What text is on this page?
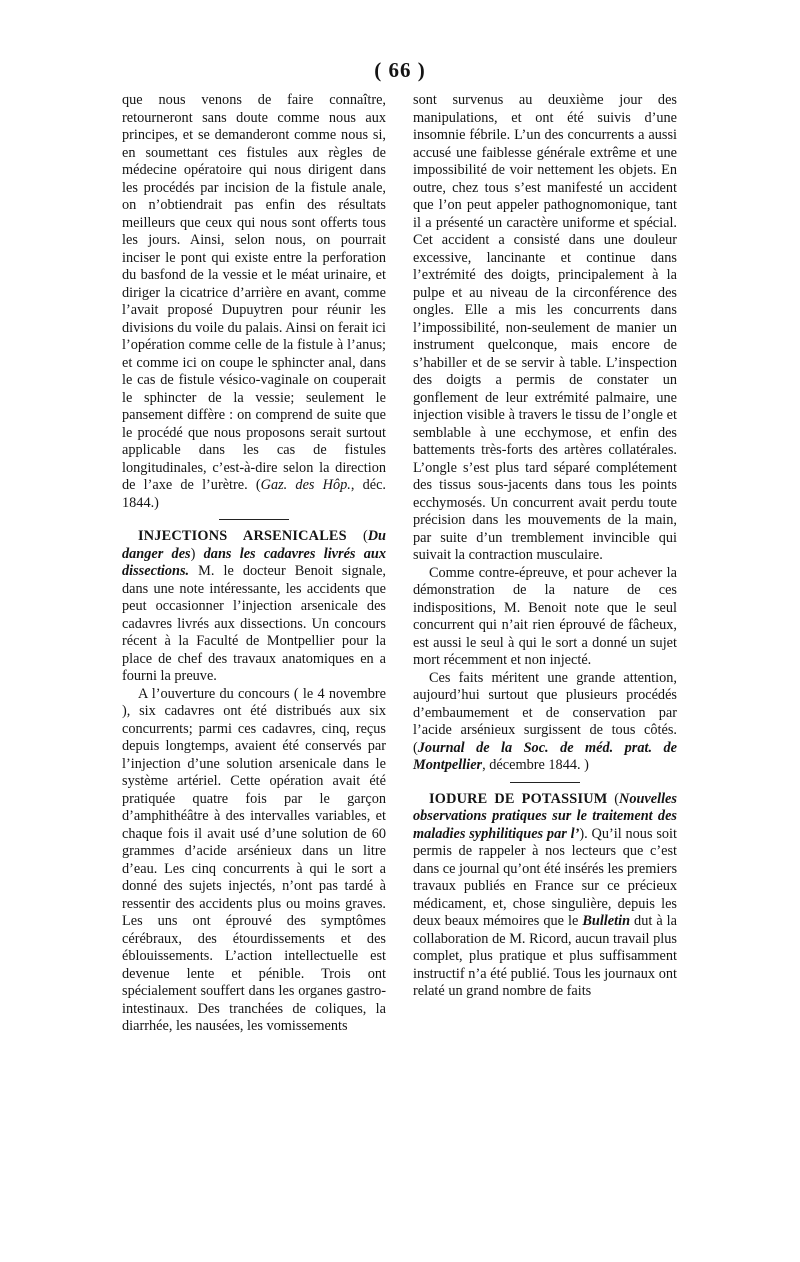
( 66 )

que nous venons de faire connaître, retourneront sans doute comme nous aux principes, et se demanderont comme nous si, en soumettant ces fistules aux règles de médecine opératoire qui nous dirigent dans les procédés par incision de la fistule anale, on n’obtiendrait pas enfin des résultats meilleurs que ceux qui nous sont offerts tous les jours. Ainsi, selon nous, on pourrait inciser le pont qui existe entre la perforation du basfond de la vessie et le méat urinaire, et diriger la cicatrice d’arrière en avant, comme l’avait proposé Dupuytren pour réunir les divisions du voile du palais. Ainsi on ferait ici l’opération comme celle de la fistule à l’anus; et comme ici on coupe le sphincter anal, dans le cas de fistule vésico-vaginale on couperait le sphincter de la vessie; seulement le pansement diffère : on comprend de suite que le procédé que nous proposons serait surtout applicable dans les cas de fistules longitudinales, c’est-à-dire selon la direction de l’axe de l’urètre. (Gaz. des Hôp., déc. 1844.)

INJECTIONS ARSENICALES (Du danger des) dans les cadavres livrés aux dissections. M. le docteur Benoit signale, dans une note intéressante, les accidents que peut occasionner l’injection arsenicale des cadavres livrés aux dissections. Un concours récent à la Faculté de Montpellier pour la place de chef des travaux anatomiques en a fourni la preuve.

A l’ouverture du concours ( le 4 novembre ), six cadavres ont été distribués aux six concurrents; parmi ces cadavres, cinq, reçus depuis longtemps, avaient été conservés par l’injection d’une solution arsenicale dans le système artériel. Cette opération avait été pratiquée quatre fois par le garçon d’amphithéâtre à des intervalles variables, et chaque fois il avait usé d’une solution de 60 grammes d’acide arsénieux dans un litre d’eau. Les cinq concurrents à qui le sort a donné des sujets injectés, n’ont pas tardé à ressentir des accidents plus ou moins graves. Les uns ont éprouvé des symptômes cérébraux, des étourdissements et des éblouissements. L’action intellectuelle est devenue lente et pénible. Trois ont spécialement souffert dans les organes gastro-intestinaux. Des tranchées de coliques, la diarrhée, les nausées, les vomissements

sont survenus au deuxième jour des manipulations, et ont été suivis d’une insomnie fébrile. L’un des concurrents a aussi accusé une faiblesse générale extrême et une impossibilité de voir nettement les objets. En outre, chez tous s’est manifesté un accident que l’on peut appeler pathognomonique, tant il a présenté un caractère uniforme et spécial. Cet accident a consisté dans une douleur excessive, lancinante et continue dans l’extrémité des doigts, principalement à la pulpe et au niveau de la circonférence des ongles. Elle a mis les concurrents dans l’impossibilité, non-seulement de manier un instrument quelconque, mais encore de s’habiller et de se servir à table. L’inspection des doigts a permis de constater un gonflement de leur extrémité palmaire, une injection visible à travers le tissu de l’ongle et semblable à une ecchymose, et enfin des battements très-forts des artères collatérales. L’ongle s’est plus tard séparé complétement des tissus sous-jacents dans tous les points ecchymosés. Un concurrent avait perdu toute précision dans les mouvements de la main, par suite d’un tremblement invincible qui suivait la contraction musculaire.

Comme contre-épreuve, et pour achever la démonstration de la nature de ces indispositions, M. Benoit note que le seul concurrent qui n’ait rien éprouvé de fâcheux, est aussi le seul à qui le sort a donné un sujet mort récemment et non injecté.

Ces faits méritent une grande attention, aujourd’hui surtout que plusieurs procédés d’embaumement et de conservation par l’acide arsénieux surgissent de tous côtés. (Journal de la Soc. de méd. prat. de Montpellier, décembre 1844. )

IODURE DE POTASSIUM (Nouvelles observations pratiques sur le traitement des maladies syphilitiques par l’). Qu’il nous soit permis de rappeler à nos lecteurs que c’est dans ce journal qu’ont été insérés les premiers travaux publiés en France sur ce précieux médicament, et, chose singulière, depuis les deux beaux mémoires que le Bulletin dut à la collaboration de M. Ricord, aucun travail plus complet, plus pratique et plus suffisamment instructif n’a été publié. Tous les journaux ont relaté un grand nombre de faits
